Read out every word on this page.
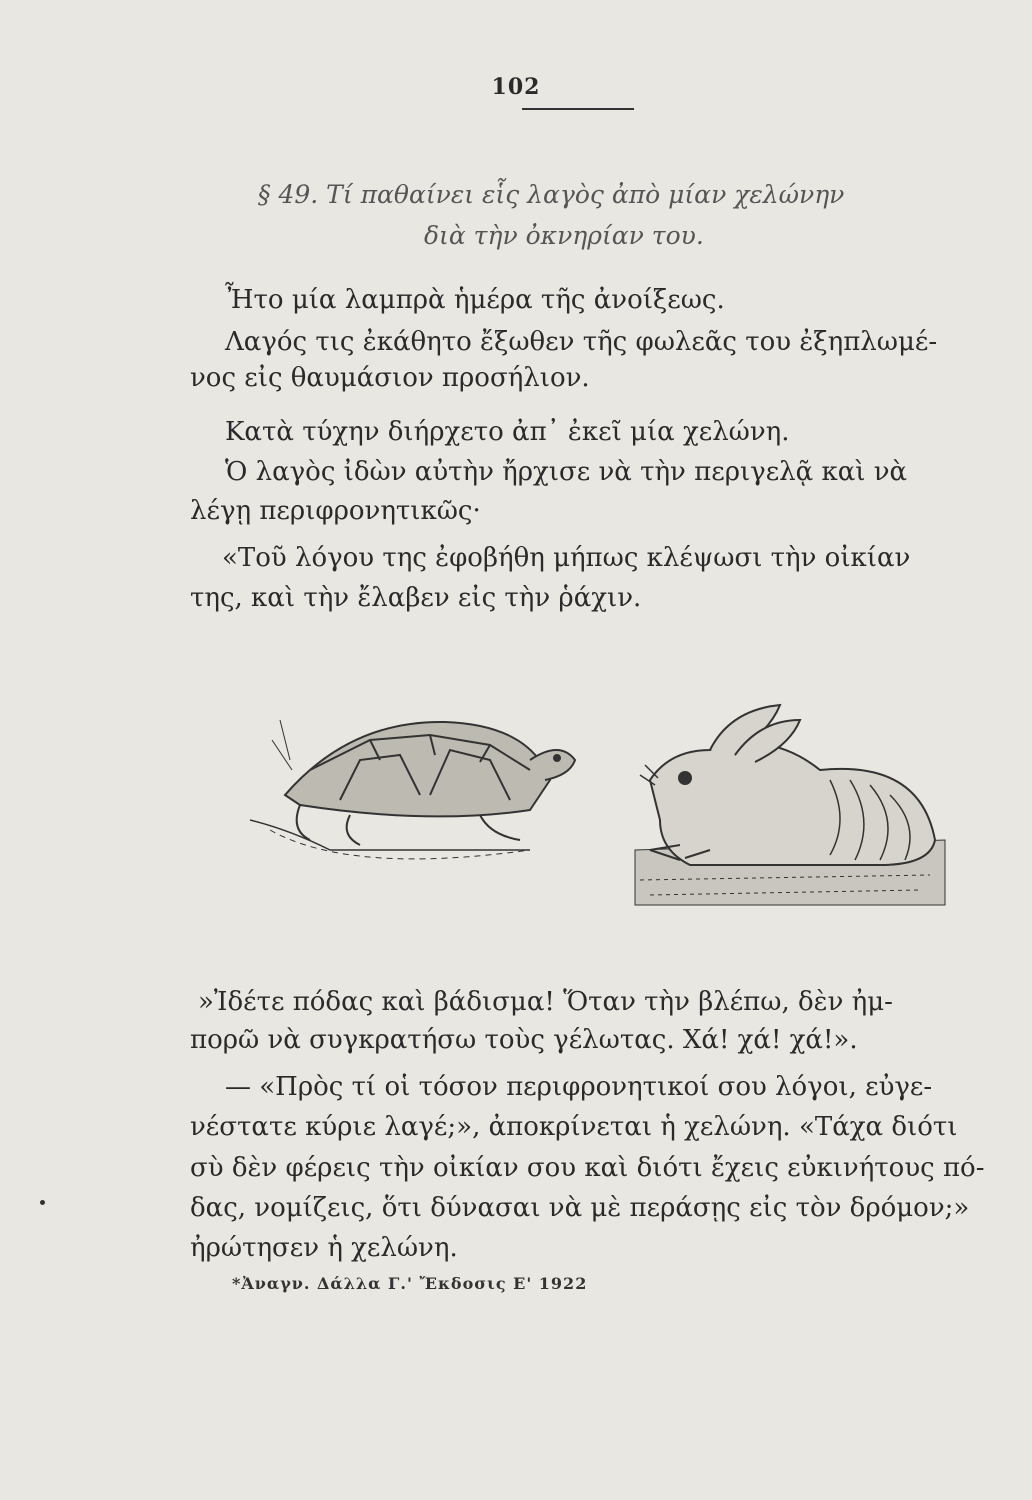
102
§ 49. Τί παθαίνει εἷς λαγὸς ἀπὸ μίαν χελώνην
διὰ τὴν ὀκνηρίαν του.
Ἦτο μία λαμπρὰ ἡμέρα τῆς ἀνοίξεως.
Λαγός τις ἐκάθητο ἔξωθεν τῆς φωλεᾶς του ἐξηπλωμέ-
νος εἰς θαυμάσιον προσήλιον.
Κατὰ τύχην διήρχετο ἀπ᾿ ἐκεῖ μία χελώνη.
Ὁ λαγὸς ἰδὼν αὐτὴν ἤρχισε νὰ τὴν περιγελᾷ καὶ νὰ
λέγῃ περιφρονητικῶς·
«Τοῦ λόγου της ἐφοβήθη μήπως κλέψωσι τὴν οἰκίαν
της, καὶ τὴν ἔλαβεν εἰς τὴν ῥάχιν.
»Ἰδέτε πόδας καὶ βάδισμα! Ὅταν τὴν βλέπω, δὲν ἠμ-
πορῶ νὰ συγκρατήσω τοὺς γέλωτας. Χά! χά! χά!».
— «Πρὸς τί οἱ τόσον περιφρονητικοί σου λόγοι, εὐγε-
νέστατε κύριε λαγέ;», ἀποκρίνεται ἡ χελώνη. «Τάχα διότι
σὺ δὲν φέρεις τὴν οἰκίαν σου καὶ διότι ἔχεις εὐκινήτους πό-
δας, νομίζεις, ὅτι δύνασαι νὰ μὲ περάσῃς εἰς τὸν δρόμον;»
ἠρώτησεν ἡ χελώνη.
*Ἀναγν. Δάλλα Γ.' Ἔκδοσις Ε' 1922
